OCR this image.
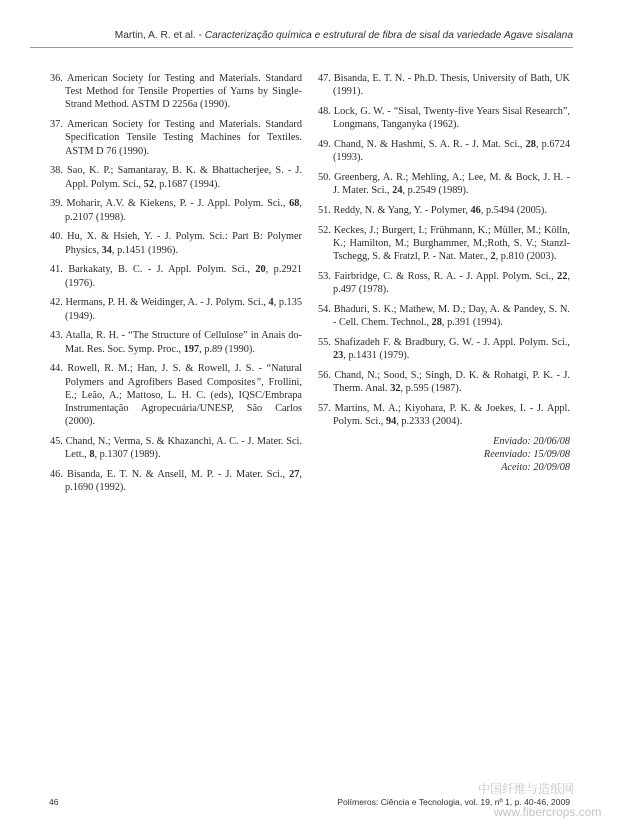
Martin, A. R. et al. - Caracterização química e estrutural de fibra de sisal da variedade Agave sisalana

36. American Society for Testing and Materials. Standard Test Method for Tensile Properties of Yarns by Single-Strand Method. ASTM D 2256a (1990).

37. American Society for Testing and Materials. Standard Specification Tensile Testing Machines for Textiles. ASTM D 76 (1990).

38. Sao, K. P.; Samantaray, B. K. & Bhattacherjee, S. - J. Appl. Polym. Sci., 52, p.1687 (1994).

39. Moharir, A.V. & Kiekens, P. - J. Appl. Polym. Sci., 68, p.2107 (1998).

40. Hu, X. & Hsieh, Y. - J. Polym. Sci.: Part B: Polymer Physics, 34, p.1451 (1996).

41. Barkakaty, B. C. - J. Appl. Polym. Sci., 20, p.2921 (1976).

42. Hermans, P. H. & Weidinger, A. - J. Polym. Sci., 4, p.135 (1949).

43. Atalla, R. H. - “The Structure of Cellulose” in Anais do-Mat. Res. Soc. Symp. Proc., 197, p.89 (1990).

44. Rowell, R. M.; Han, J. S. & Rowell, J. S. - “Natural Polymers and Agrofibers Based Composites”, Frollini, E.; Leão, A.; Mattoso, L. H. C. (eds), IQSC/Embrapa Instrumentação Agropecuária/UNESP, São Carlos (2000).

45. Chand, N.; Verma, S. & Khazanchi, A. C. - J. Mater. Sci. Lett., 8, p.1307 (1989).

46. Bisanda, E. T. N. & Ansell, M. P. - J. Mater. Sci., 27, p.1690 (1992).

47. Bisanda, E. T. N. - Ph.D. Thesis, University of Bath, UK (1991).

48. Lock, G. W. - “Sisal, Twenty-five Years Sisal Research”, Longmans, Tanganyka (1962).

49. Chand, N. & Hashmi, S. A. R. - J. Mat. Sci., 28, p.6724 (1993).

50. Greenberg, A. R.; Mehling, A.; Lee, M. & Bock, J. H. - J. Mater. Sci., 24, p.2549 (1989).

51. Reddy, N. & Yang, Y. - Polymer, 46, p.5494 (2005).

52. Keckes, J.; Burgert, I.; Frühmann, K.; Müller, M.; Kölln, K.; Hamilton, M.; Burghammer, M.;Roth, S. V.; Stanzl-Tschegg, S. & Fratzl, P. - Nat. Mater., 2, p.810 (2003).

53. Fairbridge, C. & Ross, R. A. - J. Appl. Polym. Sci., 22, p.497 (1978).

54. Bhaduri, S. K.; Mathew, M. D.; Day, A. & Pandey, S. N. - Cell. Chem. Technol., 28, p.391 (1994).

55. Shafizadeh F. & Bradbury, G. W. - J. Appl. Polym. Sci., 23, p.1431 (1979).

56. Chand, N.; Sood, S.; Singh, D. K. & Rohatgi, P. K. - J. Therm. Anal. 32, p.595 (1987).

57. Martins, M. A.; Kiyohara, P. K. & Joekes, I. - J. Appl. Polym. Sci., 94, p.2333 (2004).

Enviado: 20/06/08
Reenviado: 15/09/08
Aceito: 20/09/08
中国纤维与造纸网
www.fibercrops.com
46	Polímeros: Ciência e Tecnologia, vol. 19, nº 1, p. 40-46, 2009
